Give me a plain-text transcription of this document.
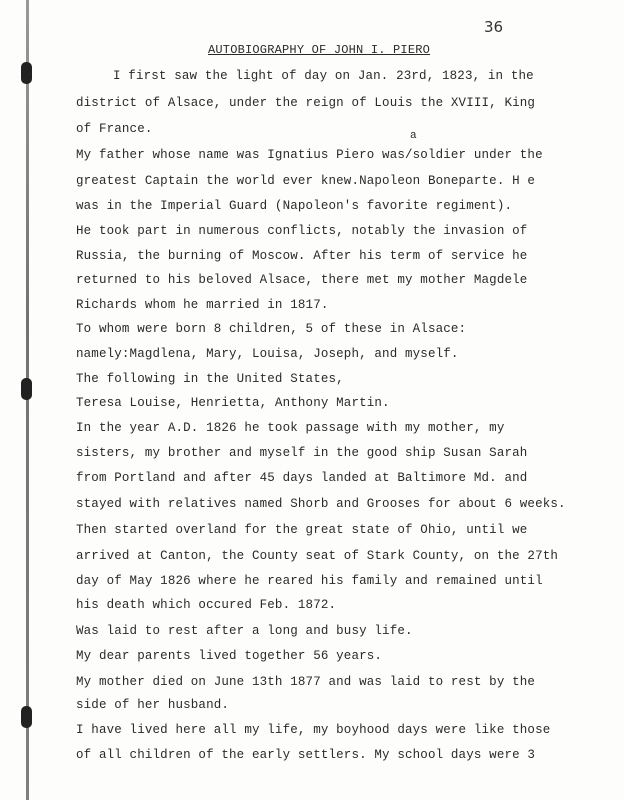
36
AUTOBIOGRAPHY OF JOHN I. PIERO
a
I first saw the light of day on Jan. 23rd, 1823, in the
district of Alsace, under the reign of Louis the XVIII, King
of France.
My father whose name was Ignatius Piero was/soldier under the
greatest Captain the world ever knew.Napoleon Boneparte. H e
was in the Imperial Guard (Napoleon's favorite regiment).
He took part in numerous conflicts, notably the invasion of
Russia, the burning of Moscow. After his term of service he
returned to his beloved Alsace, there met my mother Magdele
Richards whom he married in 1817.
To whom were born 8 children, 5 of these in Alsace:
namely:Magdlena, Mary, Louisa, Joseph, and myself.
The following in the United States,
Teresa Louise, Henrietta, Anthony Martin.
In the year A.D. 1826 he took passage with my mother, my
sisters, my brother and myself in the good ship Susan Sarah
from Portland and after 45 days landed at Baltimore Md. and
stayed with relatives named Shorb and Grooses for about 6 weeks.
Then started overland for the great state of Ohio, until we
arrived at Canton, the County seat of Stark County, on the 27th
day of May 1826 where he reared his family and remained until
his death which occured Feb. 1872.
Was laid to rest after a long and busy life.
My dear parents lived together 56 years.
My mother died on June 13th 1877 and was laid to rest by the
side of her husband.
I have lived here all my life, my boyhood days were like those
of all children of the early settlers. My school days were 3
